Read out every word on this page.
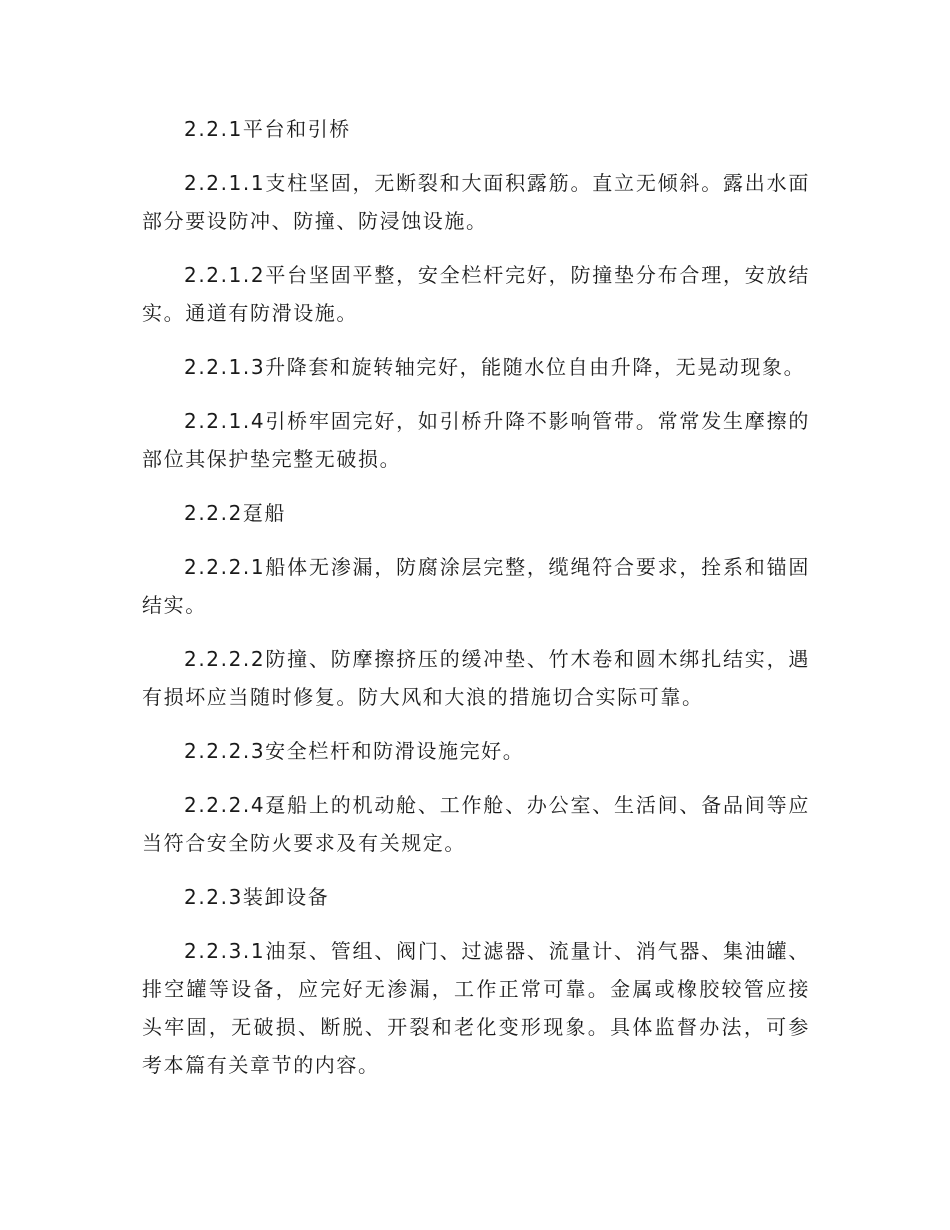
2.2.1平台和引桥

2.2.1.1支柱坚固，无断裂和大面积露筋。直立无倾斜。露出水面部分要设防冲、防撞、防浸蚀设施。

2.2.1.2平台坚固平整，安全栏杆完好，防撞垫分布合理，安放结实。通道有防滑设施。

2.2.1.3升降套和旋转轴完好，能随水位自由升降，无晃动现象。

2.2.1.4引桥牢固完好，如引桥升降不影响管带。常常发生摩擦的部位其保护垫完整无破损。

2.2.2趸船

2.2.2.1船体无渗漏，防腐涂层完整，缆绳符合要求，拴系和锚固结实。

2.2.2.2防撞、防摩擦挤压的缓冲垫、竹木卷和圆木绑扎结实，遇有损坏应当随时修复。防大风和大浪的措施切合实际可靠。

2.2.2.3安全栏杆和防滑设施完好。

2.2.2.4趸船上的机动舱、工作舱、办公室、生活间、备品间等应当符合安全防火要求及有关规定。

2.2.3装卸设备

2.2.3.1油泵、管组、阀门、过滤器、流量计、消气器、集油罐、排空罐等设备，应完好无渗漏，工作正常可靠。金属或橡胶较管应接头牢固，无破损、断脱、开裂和老化变形现象。具体监督办法，可参考本篇有关章节的内容。
